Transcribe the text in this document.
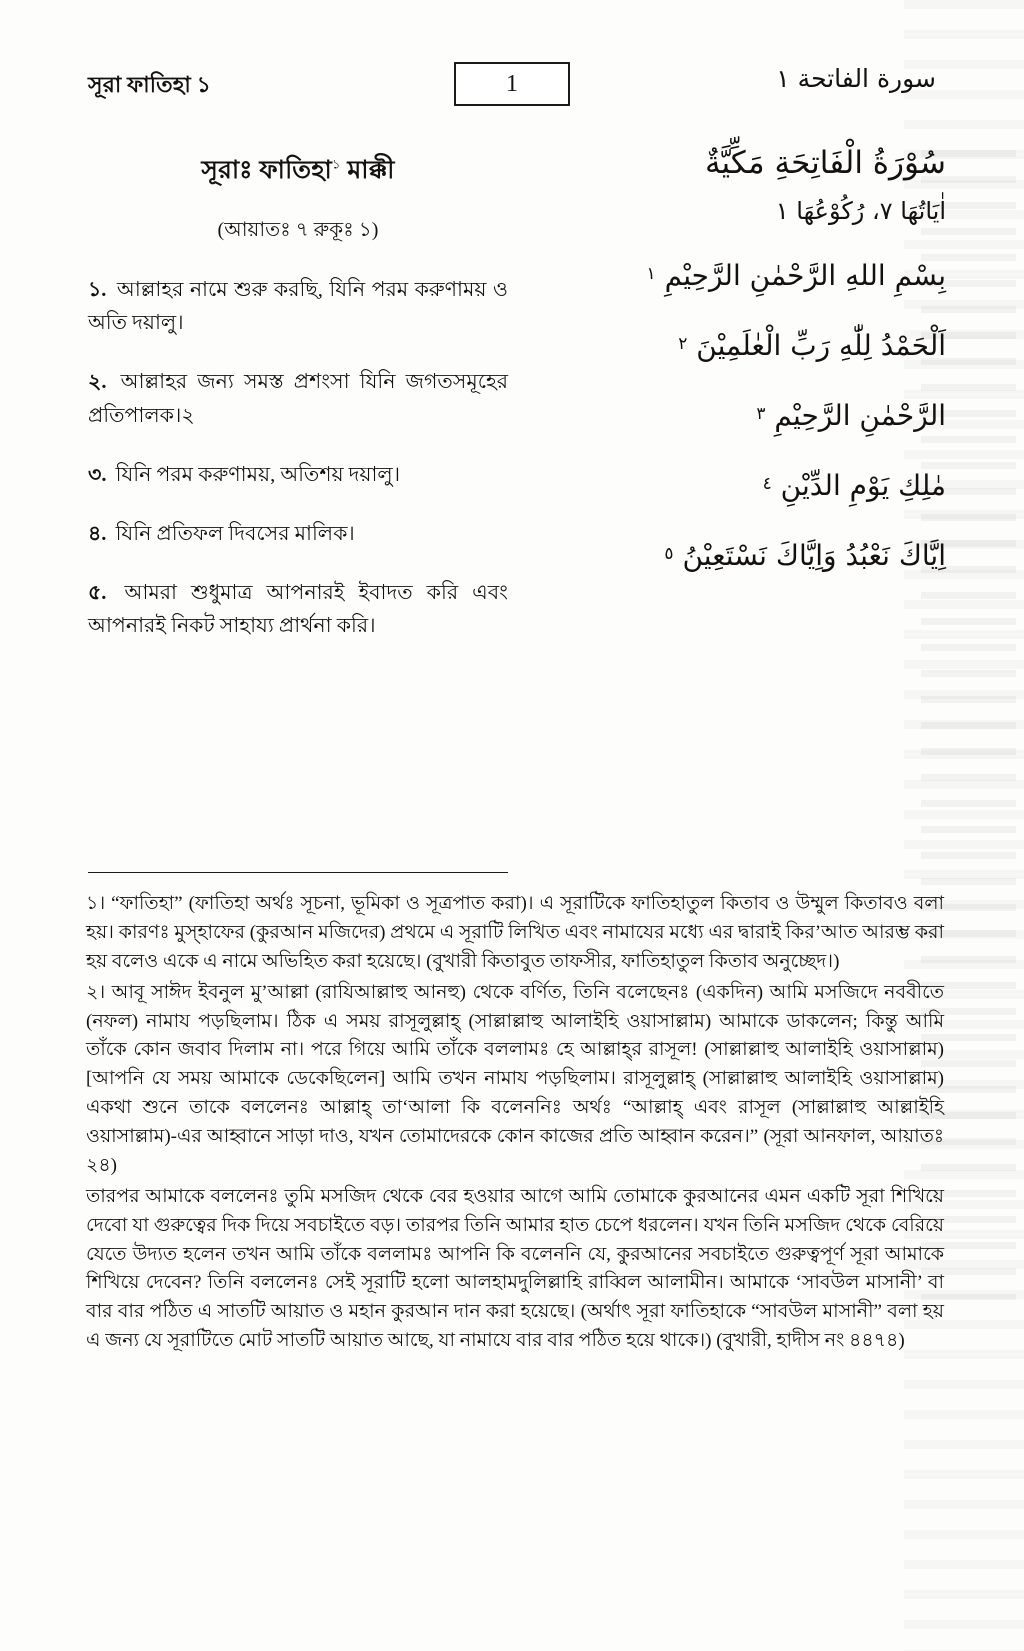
সূরা ফাতিহা ১	1	سورة الفاتحة ١
সূরাঃ ফাতিহা$^১$ মাক্কী
(আয়াতঃ ৭ রুকূঃ ১)
১. আল্লাহর নামে শুরু করছি, যিনি পরম করুণাময় ও অতি দয়ালু।
২. আল্লাহর জন্য সমস্ত প্রশংসা যিনি জগতসমূহের প্রতিপালক।২
৩. যিনি পরম করুণাময়, অতিশয় দয়ালু।
৪. যিনি প্রতিফল দিবসের মালিক।
৫. আমরা শুধুমাত্র আপনারই ইবাদত করি এবং আপনারই নিকট সাহায্য প্রার্থনা করি।
سُوْرَةُ الْفَاتِحَةِ مَكِّيَّةٌ
اٰيَاتُهَا ٧، رُكُوْعُهَا ١
بِسْمِ اللهِ الرَّحْمٰنِ الرَّحِيْمِ $^١$
اَلْحَمْدُ لِلّٰهِ رَبِّ الْعٰلَمِيْنَ $^٢$
الرَّحْمٰنِ الرَّحِيْمِ $^٣$
مٰلِكِ يَوْمِ الدِّيْنِ $^٤$
اِيَّاكَ نَعْبُدُ وَاِيَّاكَ نَسْتَعِيْنُ $^٥$

১। “ফাতিহা” (ফাতিহা অর্থঃ সূচনা, ভূমিকা ও সূত্রপাত করা)। এ সূরাটিকে ফাতিহাতুল কিতাব ও উম্মুল কিতাবও বলা হয়। কারণঃ মুস্‌হাফের (কুরআন মজিদের) প্রথমে এ সূরাটি লিখিত এবং নামাযের মধ্যে এর দ্বারাই কির’আত আরম্ভ করা হয় বলেও একে এ নামে অভিহিত করা হয়েছে। (বুখারী কিতাবুত তাফসীর, ফাতিহাতুল কিতাব অনুচ্ছেদ।)

২। আবূ সাঈদ ইবনুল মু’আল্লা (রাযিআল্লাহু আনহু) থেকে বর্ণিত, তিনি বলেছেনঃ (একদিন) আমি মসজিদে নববীতে (নফল) নামায পড়ছিলাম। ঠিক এ সময় রাসূলুল্লাহ্‌ (সাল্লাল্লাহু আলাইহি ওয়াসাল্লাম) আমাকে ডাকলেন; কিন্তু আমি তাঁকে কোন জবাব দিলাম না। পরে গিয়ে আমি তাঁকে বললামঃ হে আল্লাহ্‌র রাসূল! (সাল্লাল্লাহু আলাইহি ওয়াসাল্লাম) [আপনি যে সময় আমাকে ডেকেছিলেন] আমি তখন নামায পড়ছিলাম। রাসূলুল্লাহ্‌ (সাল্লাল্লাহু আলাইহি ওয়াসাল্লাম) একথা শুনে তাকে বললেনঃ আল্লাহ্‌ তা‘আলা কি বলেননিঃ অর্থঃ “আল্লাহ্‌ এবং রাসূল (সাল্লাল্লাহু আল্লাইহি ওয়াসাল্লাম)-এর আহ্বানে সাড়া দাও, যখন তোমাদেরকে কোন কাজের প্রতি আহ্বান করেন।” (সূরা আনফাল, আয়াতঃ ২৪)

তারপর আমাকে বললেনঃ তুমি মসজিদ থেকে বের হওয়ার আগে আমি তোমাকে কুরআনের এমন একটি সূরা শিখিয়ে দেবো যা গুরুত্বের দিক দিয়ে সবচাইতে বড়। তারপর তিনি আমার হাত চেপে ধরলেন। যখন তিনি মসজিদ থেকে বেরিয়ে যেতে উদ্যত হলেন তখন আমি তাঁকে বললামঃ আপনি কি বলেননি যে, কুরআনের সবচাইতে গুরুত্বপূর্ণ সূরা আমাকে শিখিয়ে দেবেন? তিনি বললেনঃ সেই সূরাটি হলো আলহামদুলিল্লাহি রাব্বিল আলামীন। আমাকে ‘সাবউল মাসানী’ বা বার বার পঠিত এ সাতটি আয়াত ও মহান কুরআন দান করা হয়েছে। (অর্থাৎ সূরা ফাতিহাকে “সাবউল মাসানী” বলা হয় এ জন্য যে সূরাটিতে মোট সাতটি আয়াত আছে, যা নামাযে বার বার পঠিত হয়ে থাকে।) (বুখারী, হাদীস নং ৪৪৭৪)
